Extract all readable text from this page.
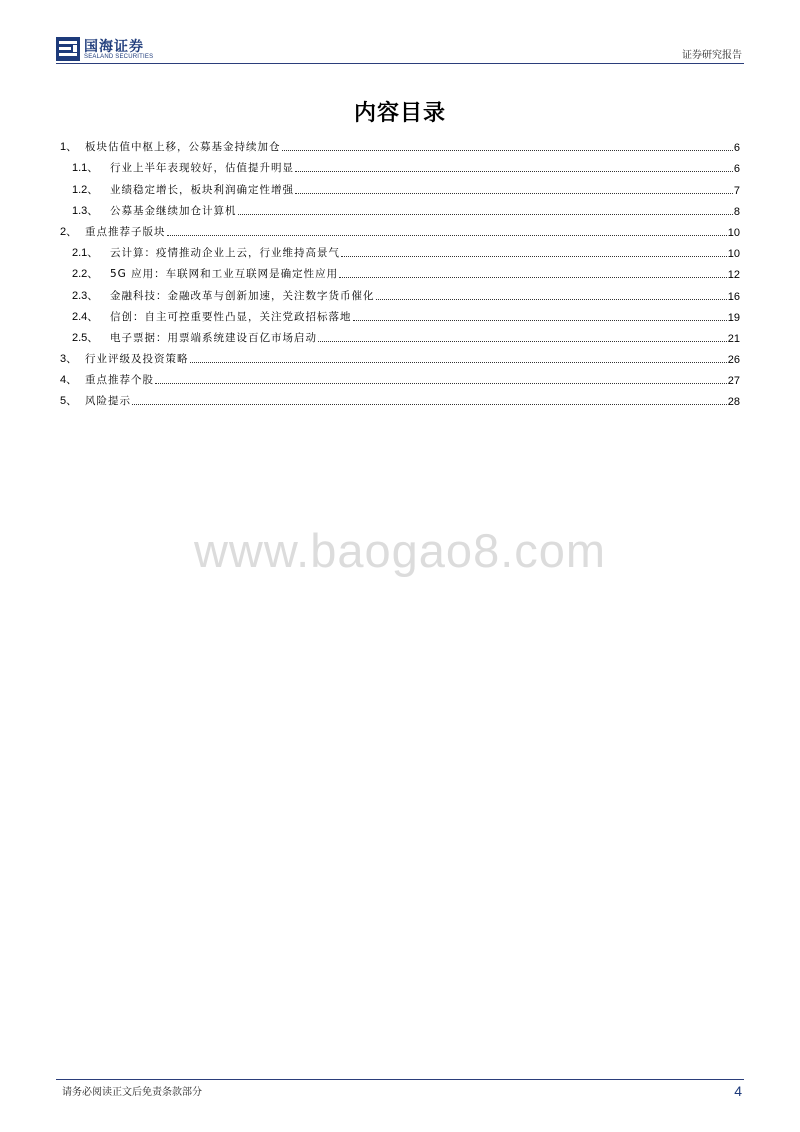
国海证券
SEALAND SECURITIES	证券研究报告
内容目录
1、 板块估值中枢上移，公募基金持续加仓	6
1.1、	行业上半年表现较好，估值提升明显	6
1.2、	业绩稳定增长，板块利润确定性增强	7
1.3、	公募基金继续加仓计算机	8
2、 重点推荐子版块	10
2.1、	云计算：疫情推动企业上云，行业维持高景气	10
2.2、	5G 应用：车联网和工业互联网是确定性应用	12
2.3、	金融科技：金融改革与创新加速，关注数字货币催化	16
2.4、	信创：自主可控重要性凸显，关注党政招标落地	19
2.5、	电子票据：用票端系统建设百亿市场启动	21
3、 行业评级及投资策略	26
4、 重点推荐个股	27
5、 风险提示	28
www.baogao8.com
请务必阅读正文后免责条款部分	4
